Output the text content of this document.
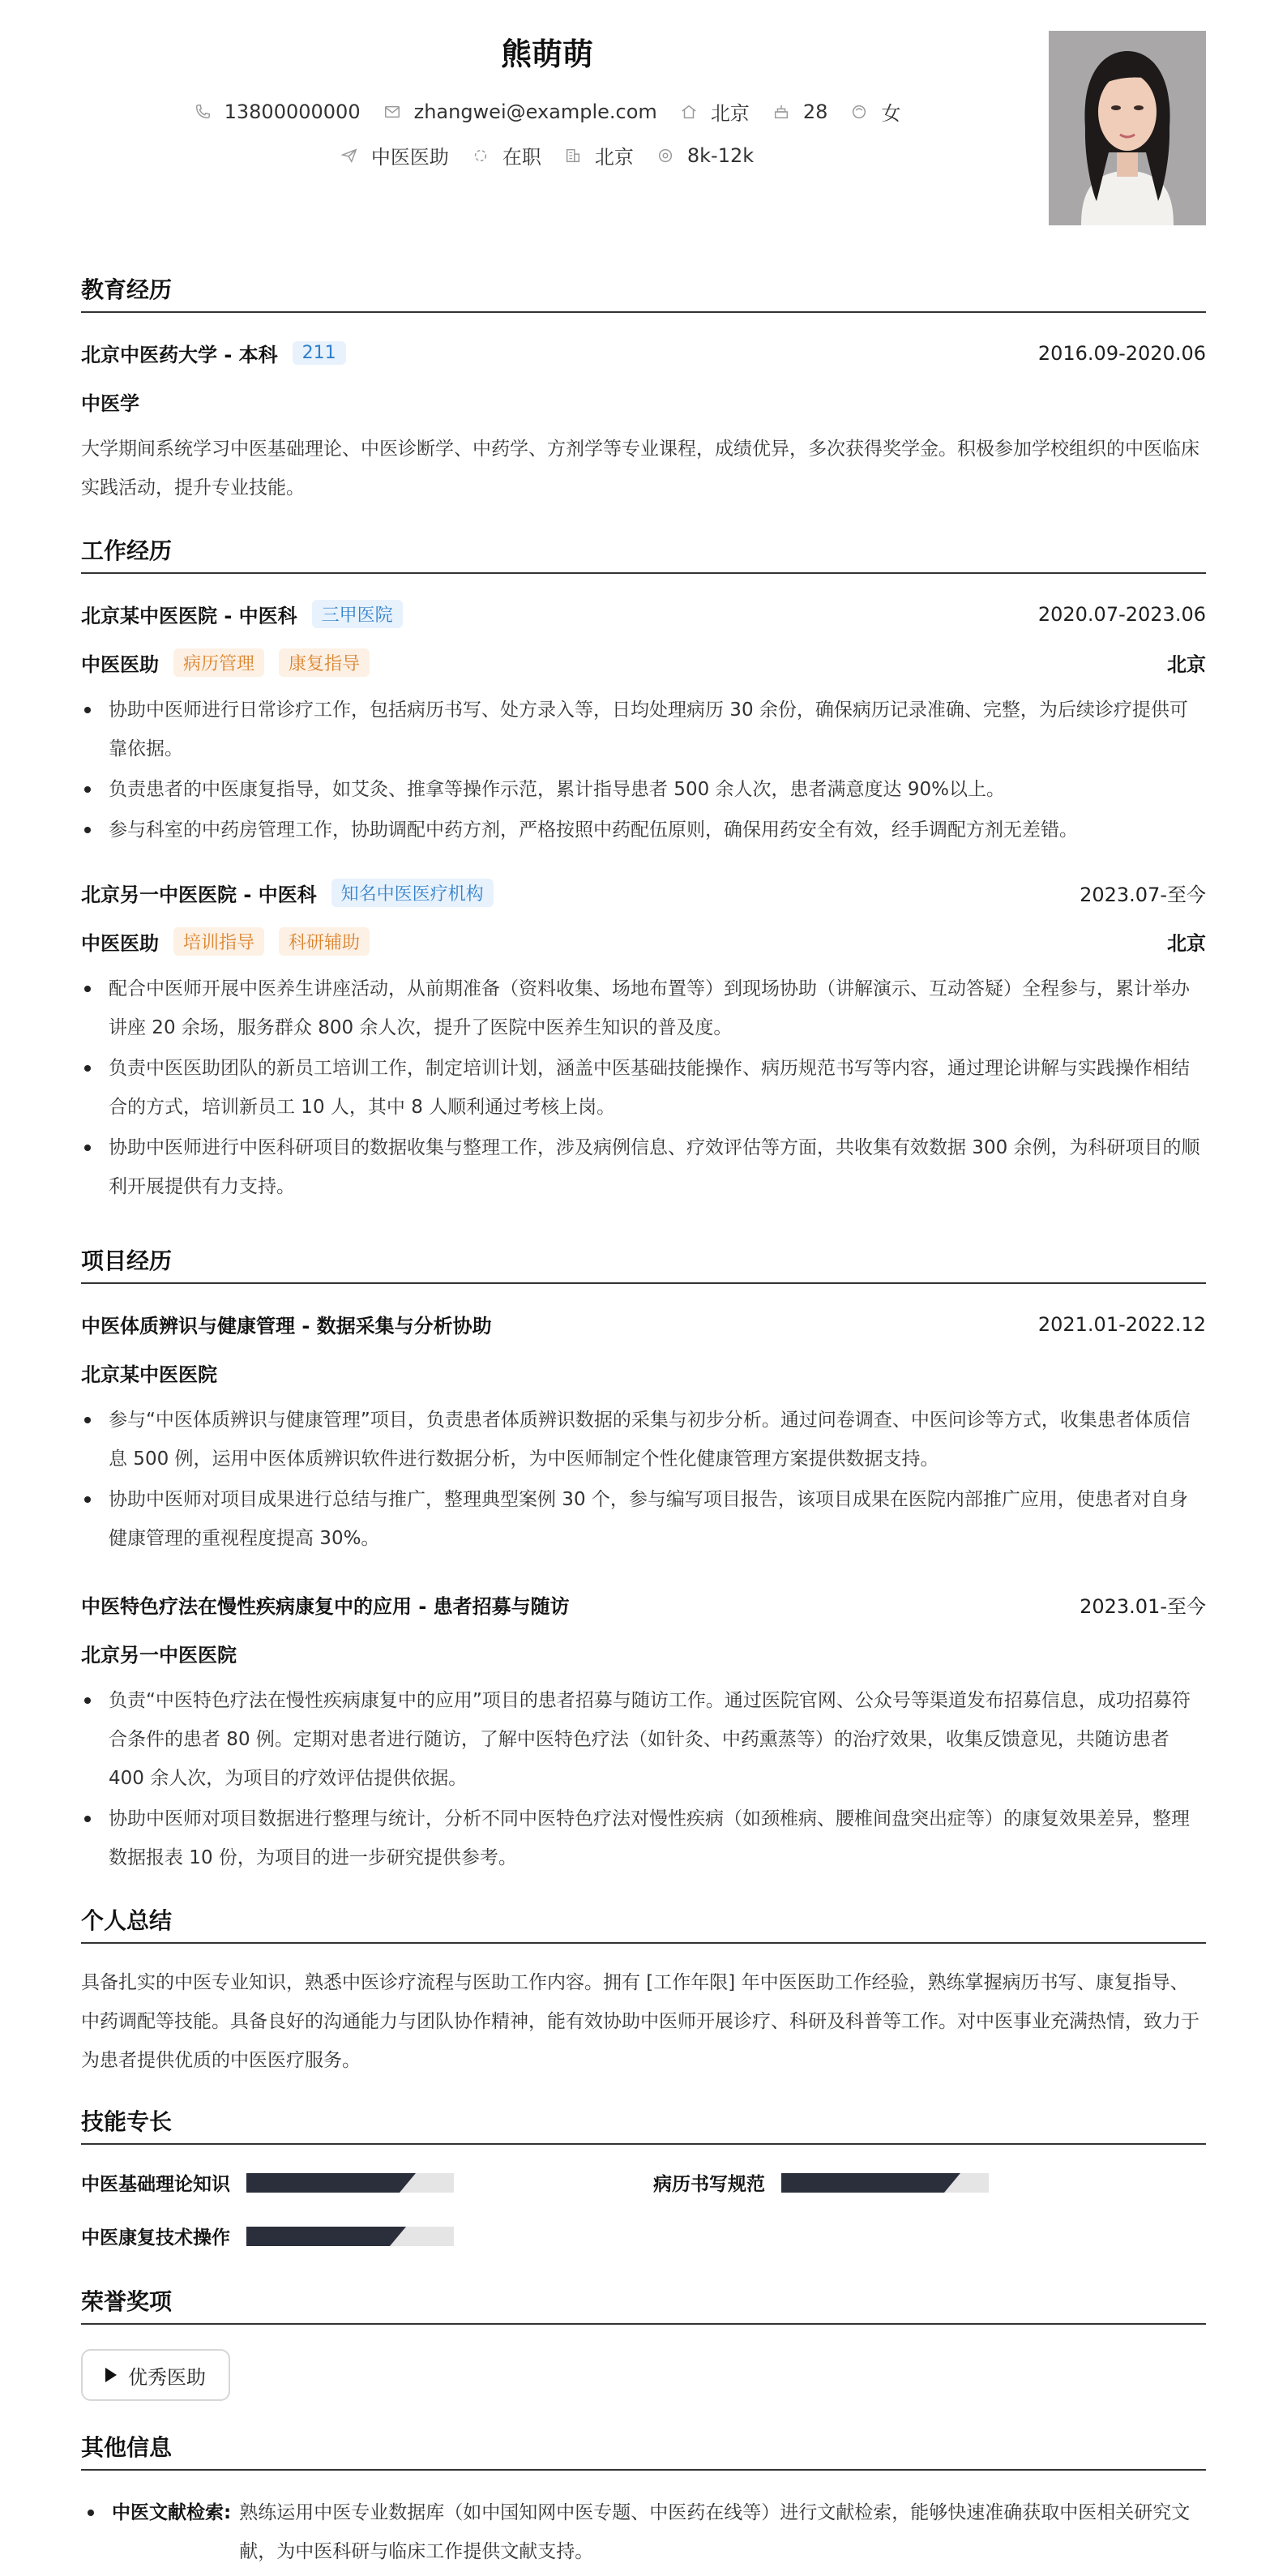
熊萌萌
13800000000	zhangwei@example.com	北京	28	女
中医医助	在职	北京	8k-12k
教育经历
北京中医药大学 - 本科	211	2016.09-2020.06
中医学
大学期间系统学习中医基础理论、中医诊断学、中药学、方剂学等专业课程，成绩优异，多次获得奖学金。积极参加学校组织的中医临床实践活动，提升专业技能。
工作经历
北京某中医医院 - 中医科	三甲医院	2020.07-2023.06
中医医助	病历管理	康复指导	北京
协助中医师进行日常诊疗工作，包括病历书写、处方录入等，日均处理病历 30 余份，确保病历记录准确、完整，为后续诊疗提供可靠依据。
负责患者的中医康复指导，如艾灸、推拿等操作示范，累计指导患者 500 余人次，患者满意度达 90%以上。
参与科室的中药房管理工作，协助调配中药方剂，严格按照中药配伍原则，确保用药安全有效，经手调配方剂无差错。
北京另一中医医院 - 中医科	知名中医医疗机构	2023.07-至今
中医医助	培训指导	科研辅助	北京
配合中医师开展中医养生讲座活动，从前期准备（资料收集、场地布置等）到现场协助（讲解演示、互动答疑）全程参与，累计举办讲座 20 余场，服务群众 800 余人次，提升了医院中医养生知识的普及度。
负责中医医助团队的新员工培训工作，制定培训计划，涵盖中医基础技能操作、病历规范书写等内容，通过理论讲解与实践操作相结合的方式，培训新员工 10 人，其中 8 人顺利通过考核上岗。
协助中医师进行中医科研项目的数据收集与整理工作，涉及病例信息、疗效评估等方面，共收集有效数据 300 余例，为科研项目的顺利开展提供有力支持。
项目经历
中医体质辨识与健康管理 - 数据采集与分析协助	2021.01-2022.12
北京某中医医院
参与“中医体质辨识与健康管理”项目，负责患者体质辨识数据的采集与初步分析。通过问卷调查、中医问诊等方式，收集患者体质信息 500 例，运用中医体质辨识软件进行数据分析，为中医师制定个性化健康管理方案提供数据支持。
协助中医师对项目成果进行总结与推广，整理典型案例 30 个，参与编写项目报告，该项目成果在医院内部推广应用，使患者对自身健康管理的重视程度提高 30%。
中医特色疗法在慢性疾病康复中的应用 - 患者招募与随访	2023.01-至今
北京另一中医医院
负责“中医特色疗法在慢性疾病康复中的应用”项目的患者招募与随访工作。通过医院官网、公众号等渠道发布招募信息，成功招募符合条件的患者 80 例。定期对患者进行随访，了解中医特色疗法（如针灸、中药熏蒸等）的治疗效果，收集反馈意见，共随访患者 400 余人次，为项目的疗效评估提供依据。
协助中医师对项目数据进行整理与统计，分析不同中医特色疗法对慢性疾病（如颈椎病、腰椎间盘突出症等）的康复效果差异，整理数据报表 10 份，为项目的进一步研究提供参考。
个人总结
具备扎实的中医专业知识，熟悉中医诊疗流程与医助工作内容。拥有 [工作年限] 年中医医助工作经验，熟练掌握病历书写、康复指导、中药调配等技能。具备良好的沟通能力与团队协作精神，能有效协助中医师开展诊疗、科研及科普等工作。对中医事业充满热情，致力于为患者提供优质的中医医疗服务。
技能专长
中医基础理论知识	病历书写规范
中医康复技术操作
荣誉奖项
优秀医助
其他信息
中医文献检索: 熟练运用中医专业数据库（如中国知网中医专题、中医药在线等）进行文献检索，能够快速准确获取中医相关研究文献，为中医科研与临床工作提供文献支持。
